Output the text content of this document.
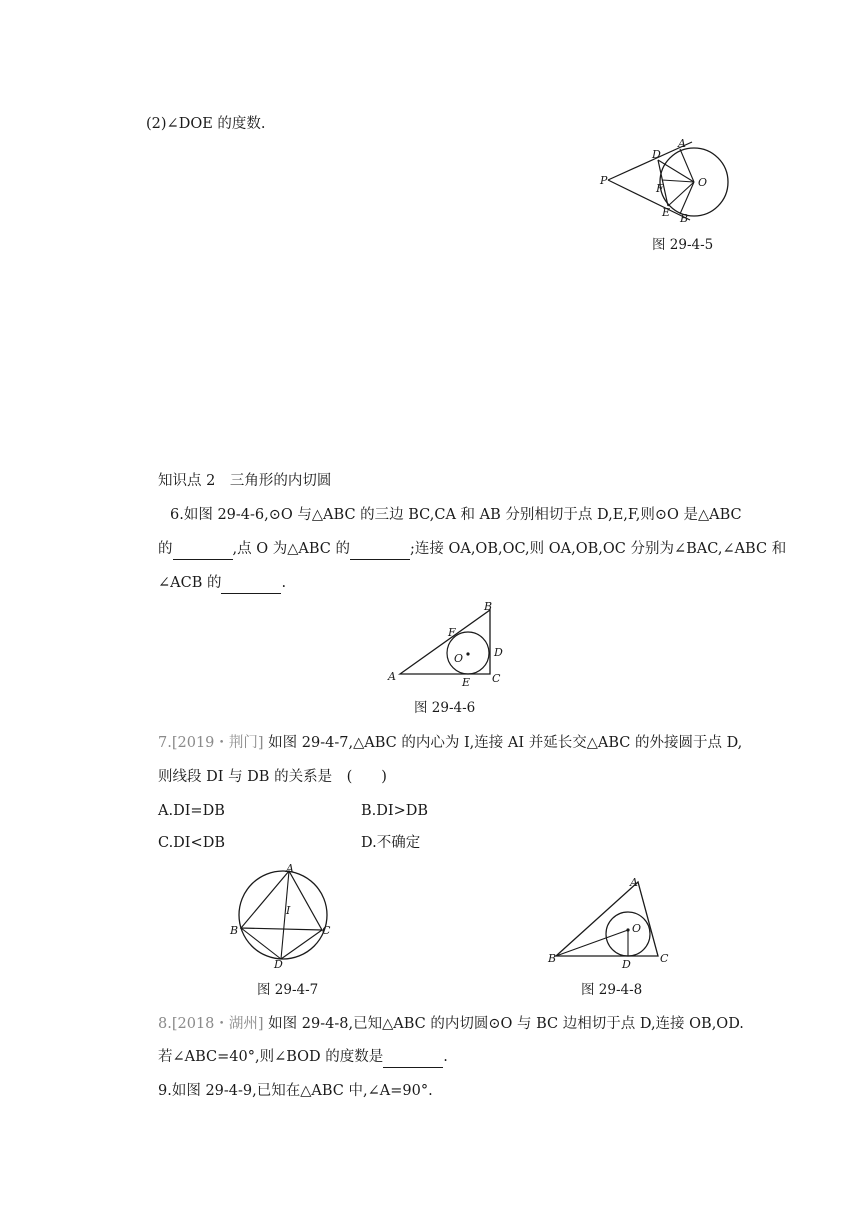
(2)∠DOE 的度数.
P
D
A
O
F
E B
图 29-4-5
知识点 2　三角形的内切圆
6.如图 29-4-6,⊙O 与△ABC 的三边 BC,CA 和 AB 分别相切于点 D,E,F,则⊙O 是△ABC
的	,点 O 为△ABC 的	;连接 OA,OB,OC,则 OA,OB,OC 分别为∠BAC,∠ABC 和
∠ACB 的	.
B
F
O	D
A	E C
图 29-4-6
7.[2019・荆门] 如图 29-4-7,△ABC 的内心为 I,连接 AI 并延长交△ABC 的外接圆于点 D,
则线段 DI 与 DB 的关系是　(　　)
A.DI=DB	B.DI>DB
C.DI<DB	D.不确定
A
I
B	C
D
图 29-4-7
A
O
B	D	C
图 29-4-8
8.[2018・湖州] 如图 29-4-8,已知△ABC 的内切圆⊙O 与 BC 边相切于点 D,连接 OB,OD.
若∠ABC=40°,则∠BOD 的度数是	.
9.如图 29-4-9,已知在△ABC 中,∠A=90°.
